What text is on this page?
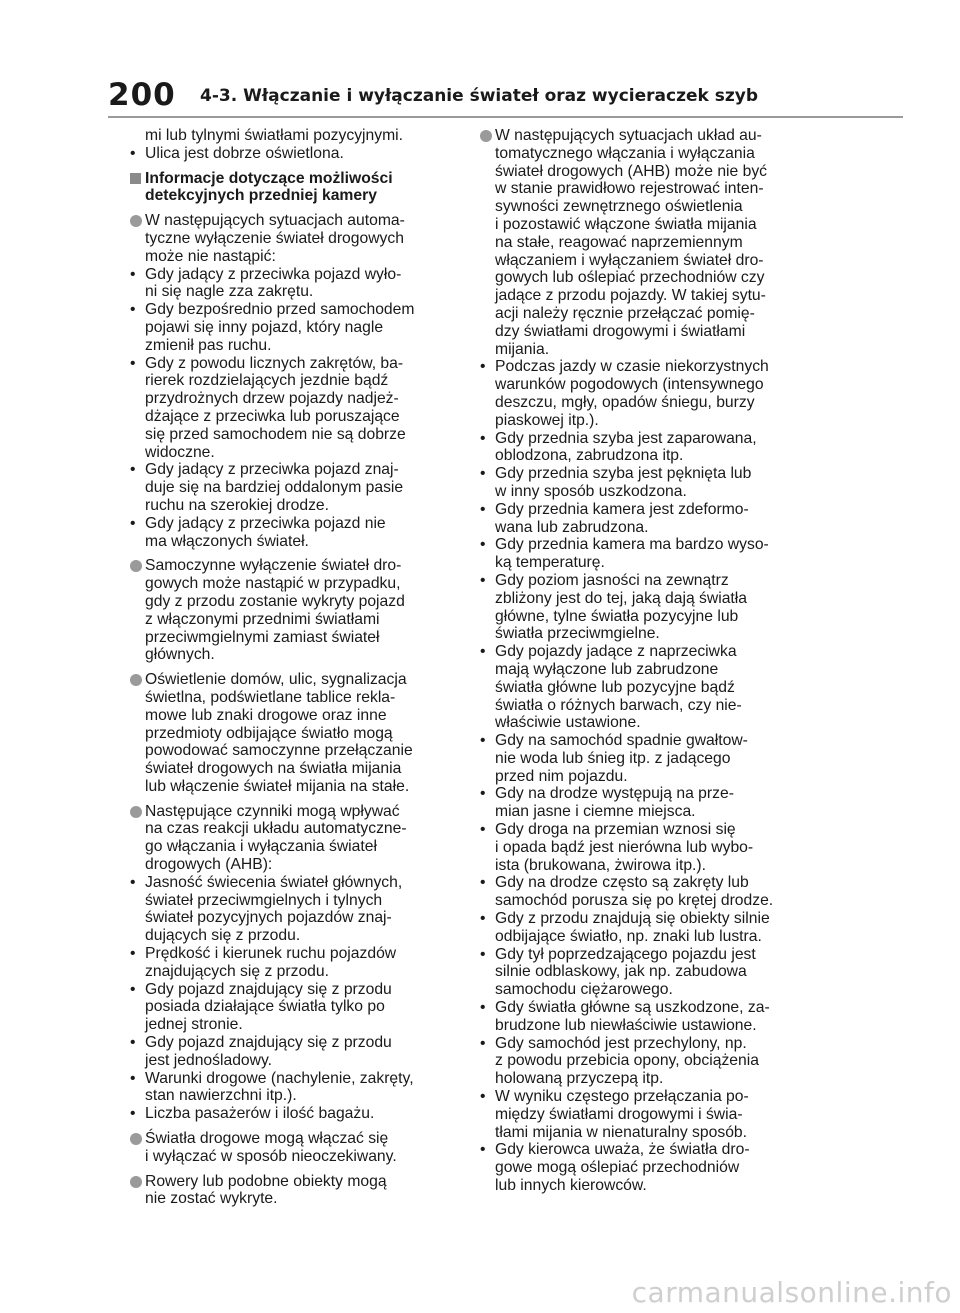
200 4-3. Włączanie i wyłączanie świateł oraz wycieraczek szyb
mi lub tylnymi światłami pozycyjnymi.
• Ulica jest dobrze oświetlona.
Informacje dotyczące możliwości
detekcyjnych przedniej kamery
W następujących sytuacjach automa-
tyczne wyłączenie świateł drogowych
może nie nastąpić:
• Gdy jadący z przeciwka pojazd wyło-
ni się nagle zza zakrętu.
• Gdy bezpośrednio przed samochodem
pojawi się inny pojazd, który nagle
zmienił pas ruchu.
• Gdy z powodu licznych zakrętów, ba-
rierek rozdzielających jezdnie bądź
przydrożnych drzew pojazdy nadjeż-
dżające z przeciwka lub poruszające
się przed samochodem nie są dobrze
widoczne.
• Gdy jadący z przeciwka pojazd znaj-
duje się na bardziej oddalonym pasie
ruchu na szerokiej drodze.
• Gdy jadący z przeciwka pojazd nie
ma włączonych świateł.
Samoczynne wyłączenie świateł dro-
gowych może nastąpić w przypadku,
gdy z przodu zostanie wykryty pojazd
z włączonymi przednimi światłami
przeciwmgielnymi zamiast świateł
głównych.
Oświetlenie domów, ulic, sygnalizacja
świetlna, podświetlane tablice rekla-
mowe lub znaki drogowe oraz inne
przedmioty odbijające światło mogą
powodować samoczynne przełączanie
świateł drogowych na światła mijania
lub włączenie świateł mijania na stałe.
Następujące czynniki mogą wpływać
na czas reakcji układu automatyczne-
go włączania i wyłączania świateł
drogowych (AHB):
• Jasność świecenia świateł głównych,
świateł przeciwmgielnych i tylnych
świateł pozycyjnych pojazdów znaj-
dujących się z przodu.
• Prędkość i kierunek ruchu pojazdów
znajdujących się z przodu.
• Gdy pojazd znajdujący się z przodu
posiada działające światła tylko po
jednej stronie.
• Gdy pojazd znajdujący się z przodu
jest jednośladowy.
• Warunki drogowe (nachylenie, zakręty,
stan nawierzchni itp.).
• Liczba pasażerów i ilość bagażu.
Światła drogowe mogą włączać się
i wyłączać w sposób nieoczekiwany.
Rowery lub podobne obiekty mogą
nie zostać wykryte.
W następujących sytuacjach układ au-
tomatycznego włączania i wyłączania
świateł drogowych (AHB) może nie być
w stanie prawidłowo rejestrować inten-
sywności zewnętrznego oświetlenia
i pozostawić włączone światła mijania
na stałe, reagować naprzemiennym
włączaniem i wyłączaniem świateł dro-
gowych lub oślepiać przechodniów czy
jadące z przodu pojazdy. W takiej sytu-
acji należy ręcznie przełączać pomię-
dzy światłami drogowymi i światłami
mijania.
• Podczas jazdy w czasie niekorzystnych
warunków pogodowych (intensywnego
deszczu, mgły, opadów śniegu, burzy
piaskowej itp.).
• Gdy przednia szyba jest zaparowana,
oblodzona, zabrudzona itp.
• Gdy przednia szyba jest pęknięta lub
w inny sposób uszkodzona.
• Gdy przednia kamera jest zdeformo-
wana lub zabrudzona.
• Gdy przednia kamera ma bardzo wyso-
ką temperaturę.
• Gdy poziom jasności na zewnątrz
zbliżony jest do tej, jaką dają światła
główne, tylne światła pozycyjne lub
światła przeciwmgielne.
• Gdy pojazdy jadące z naprzeciwka
mają wyłączone lub zabrudzone
światła główne lub pozycyjne bądź
światła o różnych barwach, czy nie-
właściwie ustawione.
• Gdy na samochód spadnie gwałtow-
nie woda lub śnieg itp. z jadącego
przed nim pojazdu.
• Gdy na drodze występują na prze-
mian jasne i ciemne miejsca.
• Gdy droga na przemian wznosi się
i opada bądź jest nierówna lub wybo-
ista (brukowana, żwirowa itp.).
• Gdy na drodze często są zakręty lub
samochód porusza się po krętej drodze.
• Gdy z przodu znajdują się obiekty silnie
odbijające światło, np. znaki lub lustra.
• Gdy tył poprzedzającego pojazdu jest
silnie odblaskowy, jak np. zabudowa
samochodu ciężarowego.
• Gdy światła główne są uszkodzone, za-
brudzone lub niewłaściwie ustawione.
• Gdy samochód jest przechylony, np.
z powodu przebicia opony, obciążenia
holowaną przyczepą itp.
• W wyniku częstego przełączania po-
między światłami drogowymi i świa-
tłami mijania w nienaturalny sposób.
• Gdy kierowca uważa, że światła dro-
gowe mogą oślepiać przechodniów
lub innych kierowców.
carmanualsonline.info
